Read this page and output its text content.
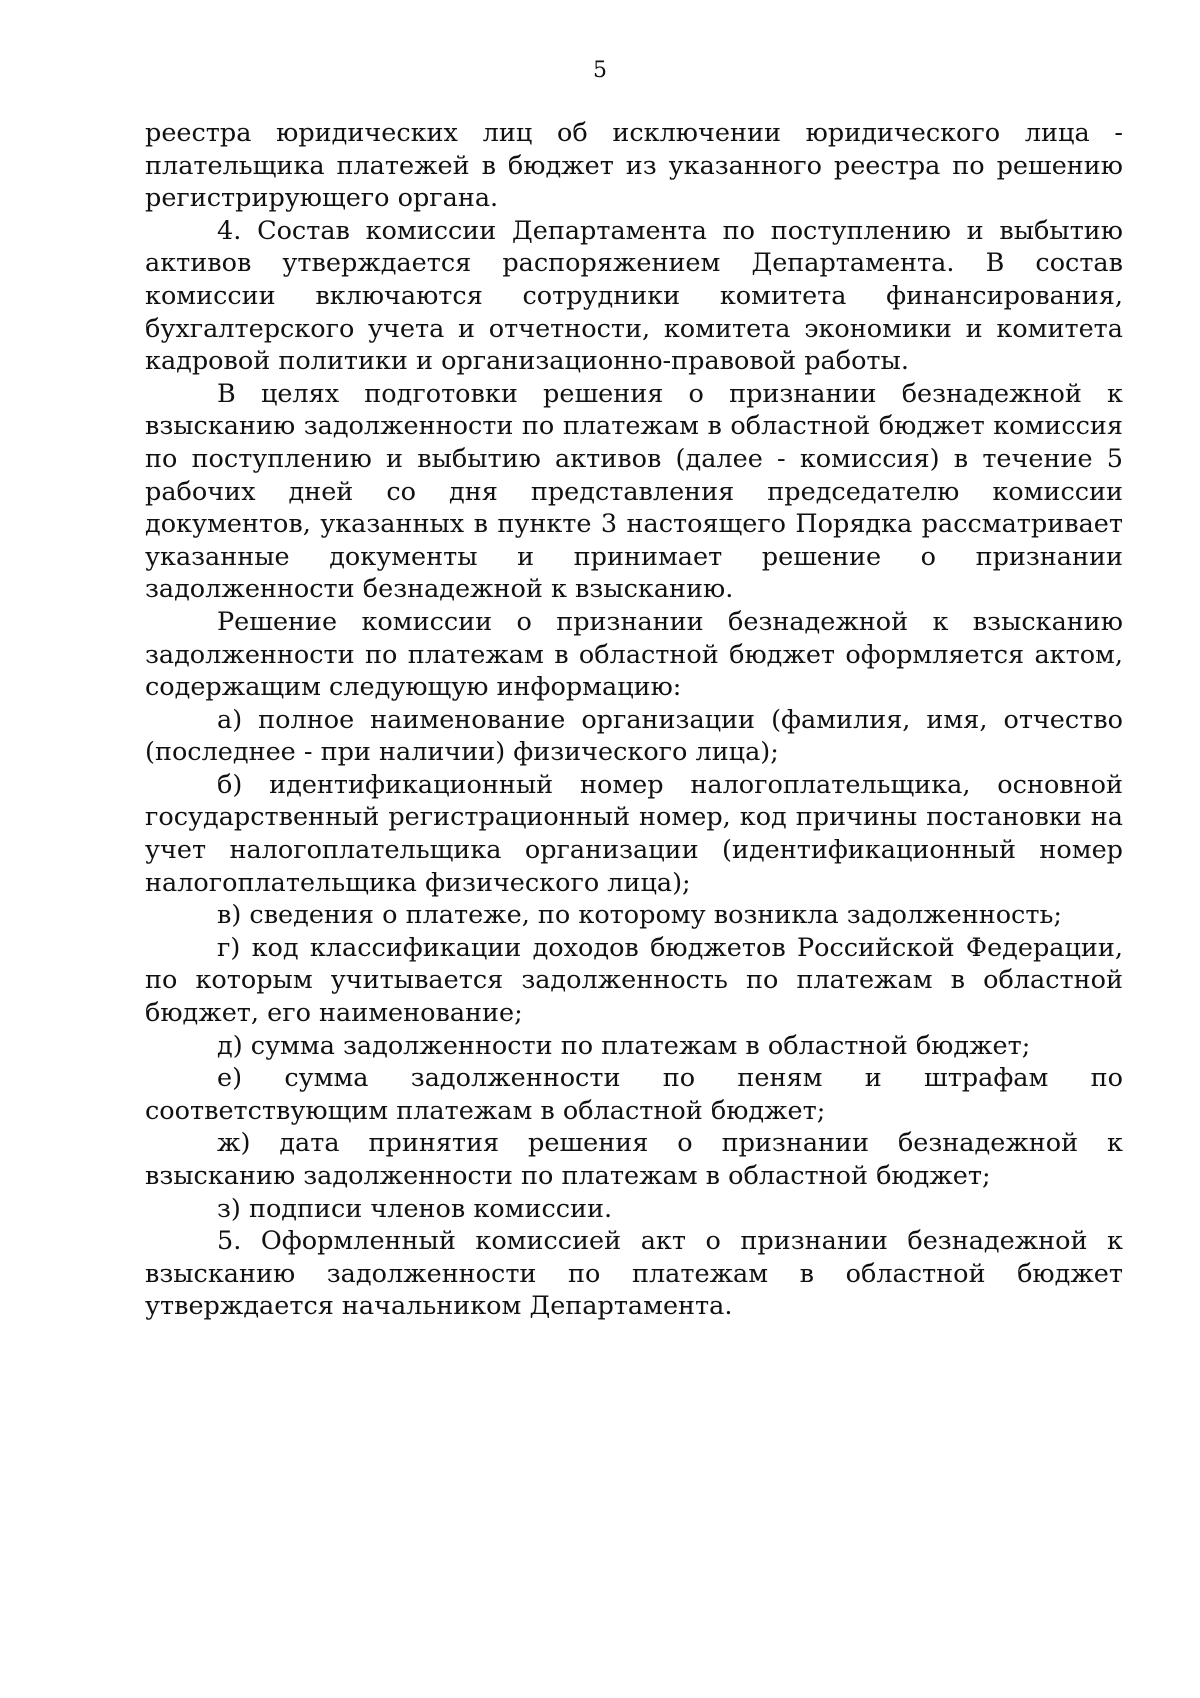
5

реестра юридических лиц об исключении юридического лица - плательщика платежей в бюджет из указанного реестра по решению регистрирующего органа.

4. Состав комиссии Департамента по поступлению и выбытию активов утверждается распоряжением Департамента. В состав комиссии включаются сотрудники комитета финансирования, бухгалтерского учета и отчетности, комитета экономики и комитета кадровой политики и организационно-правовой работы.

В целях подготовки решения о признании безнадежной к взысканию задолженности по платежам в областной бюджет комиссия по поступлению и выбытию активов (далее - комиссия) в течение 5 рабочих дней со дня представления председателю комиссии документов, указанных в пункте 3 настоящего Порядка рассматривает указанные документы и принимает решение о признании задолженности безнадежной к взысканию.

Решение комиссии о признании безнадежной к взысканию задолженности по платежам в областной бюджет оформляется актом, содержащим следующую информацию:

а) полное наименование организации (фамилия, имя, отчество (последнее - при наличии) физического лица);

б) идентификационный номер налогоплательщика, основной государственный регистрационный номер, код причины постановки на учет налогоплательщика организации (идентификационный номер налогоплательщика физического лица);

в) сведения о платеже, по которому возникла задолженность;

г) код классификации доходов бюджетов Российской Федерации, по которым учитывается задолженность по платежам в областной бюджет, его наименование;

д) сумма задолженности по платежам в областной бюджет;

е) сумма задолженности по пеням и штрафам по соответствующим платежам в областной бюджет;

ж) дата принятия решения о признании безнадежной к взысканию задолженности по платежам в областной бюджет;

з) подписи членов комиссии.

5. Оформленный комиссией акт о признании безнадежной к взысканию задолженности по платежам в областной бюджет утверждается начальником Департамента.
